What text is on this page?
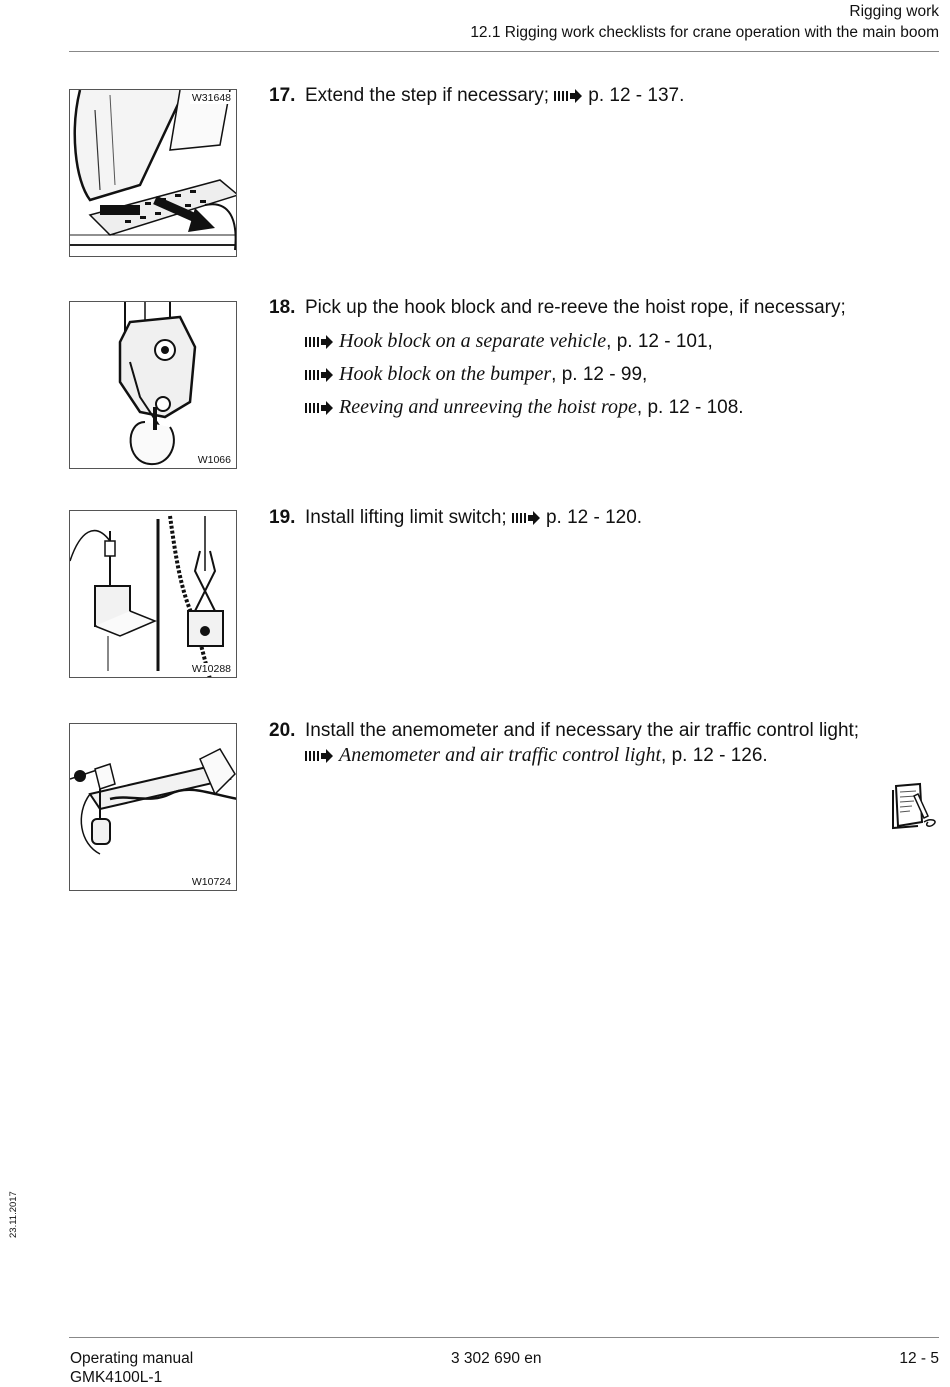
Rigging work
12.1 Rigging work checklists for crane operation with the main boom
W31648 17. Extend the step if necessary; p. 12 - 137.
W1066
18. Pick up the hook block and re-reeve the hoist rope, if necessary;
Hook block on a separate vehicle, p. 12 - 101,
Hook block on the bumper, p. 12 - 99,
Reeving and unreeving the hoist rope, p. 12 - 108.
W10288
19. Install lifting limit switch; p. 12 - 120.
W10724
20. Install the anemometer and if necessary the air traffic control light;
Anemometer and air traffic control light, p. 12 - 126.
23.11.2017
Operating manual
GMK4100L-1
3 302 690 en	12 - 5
